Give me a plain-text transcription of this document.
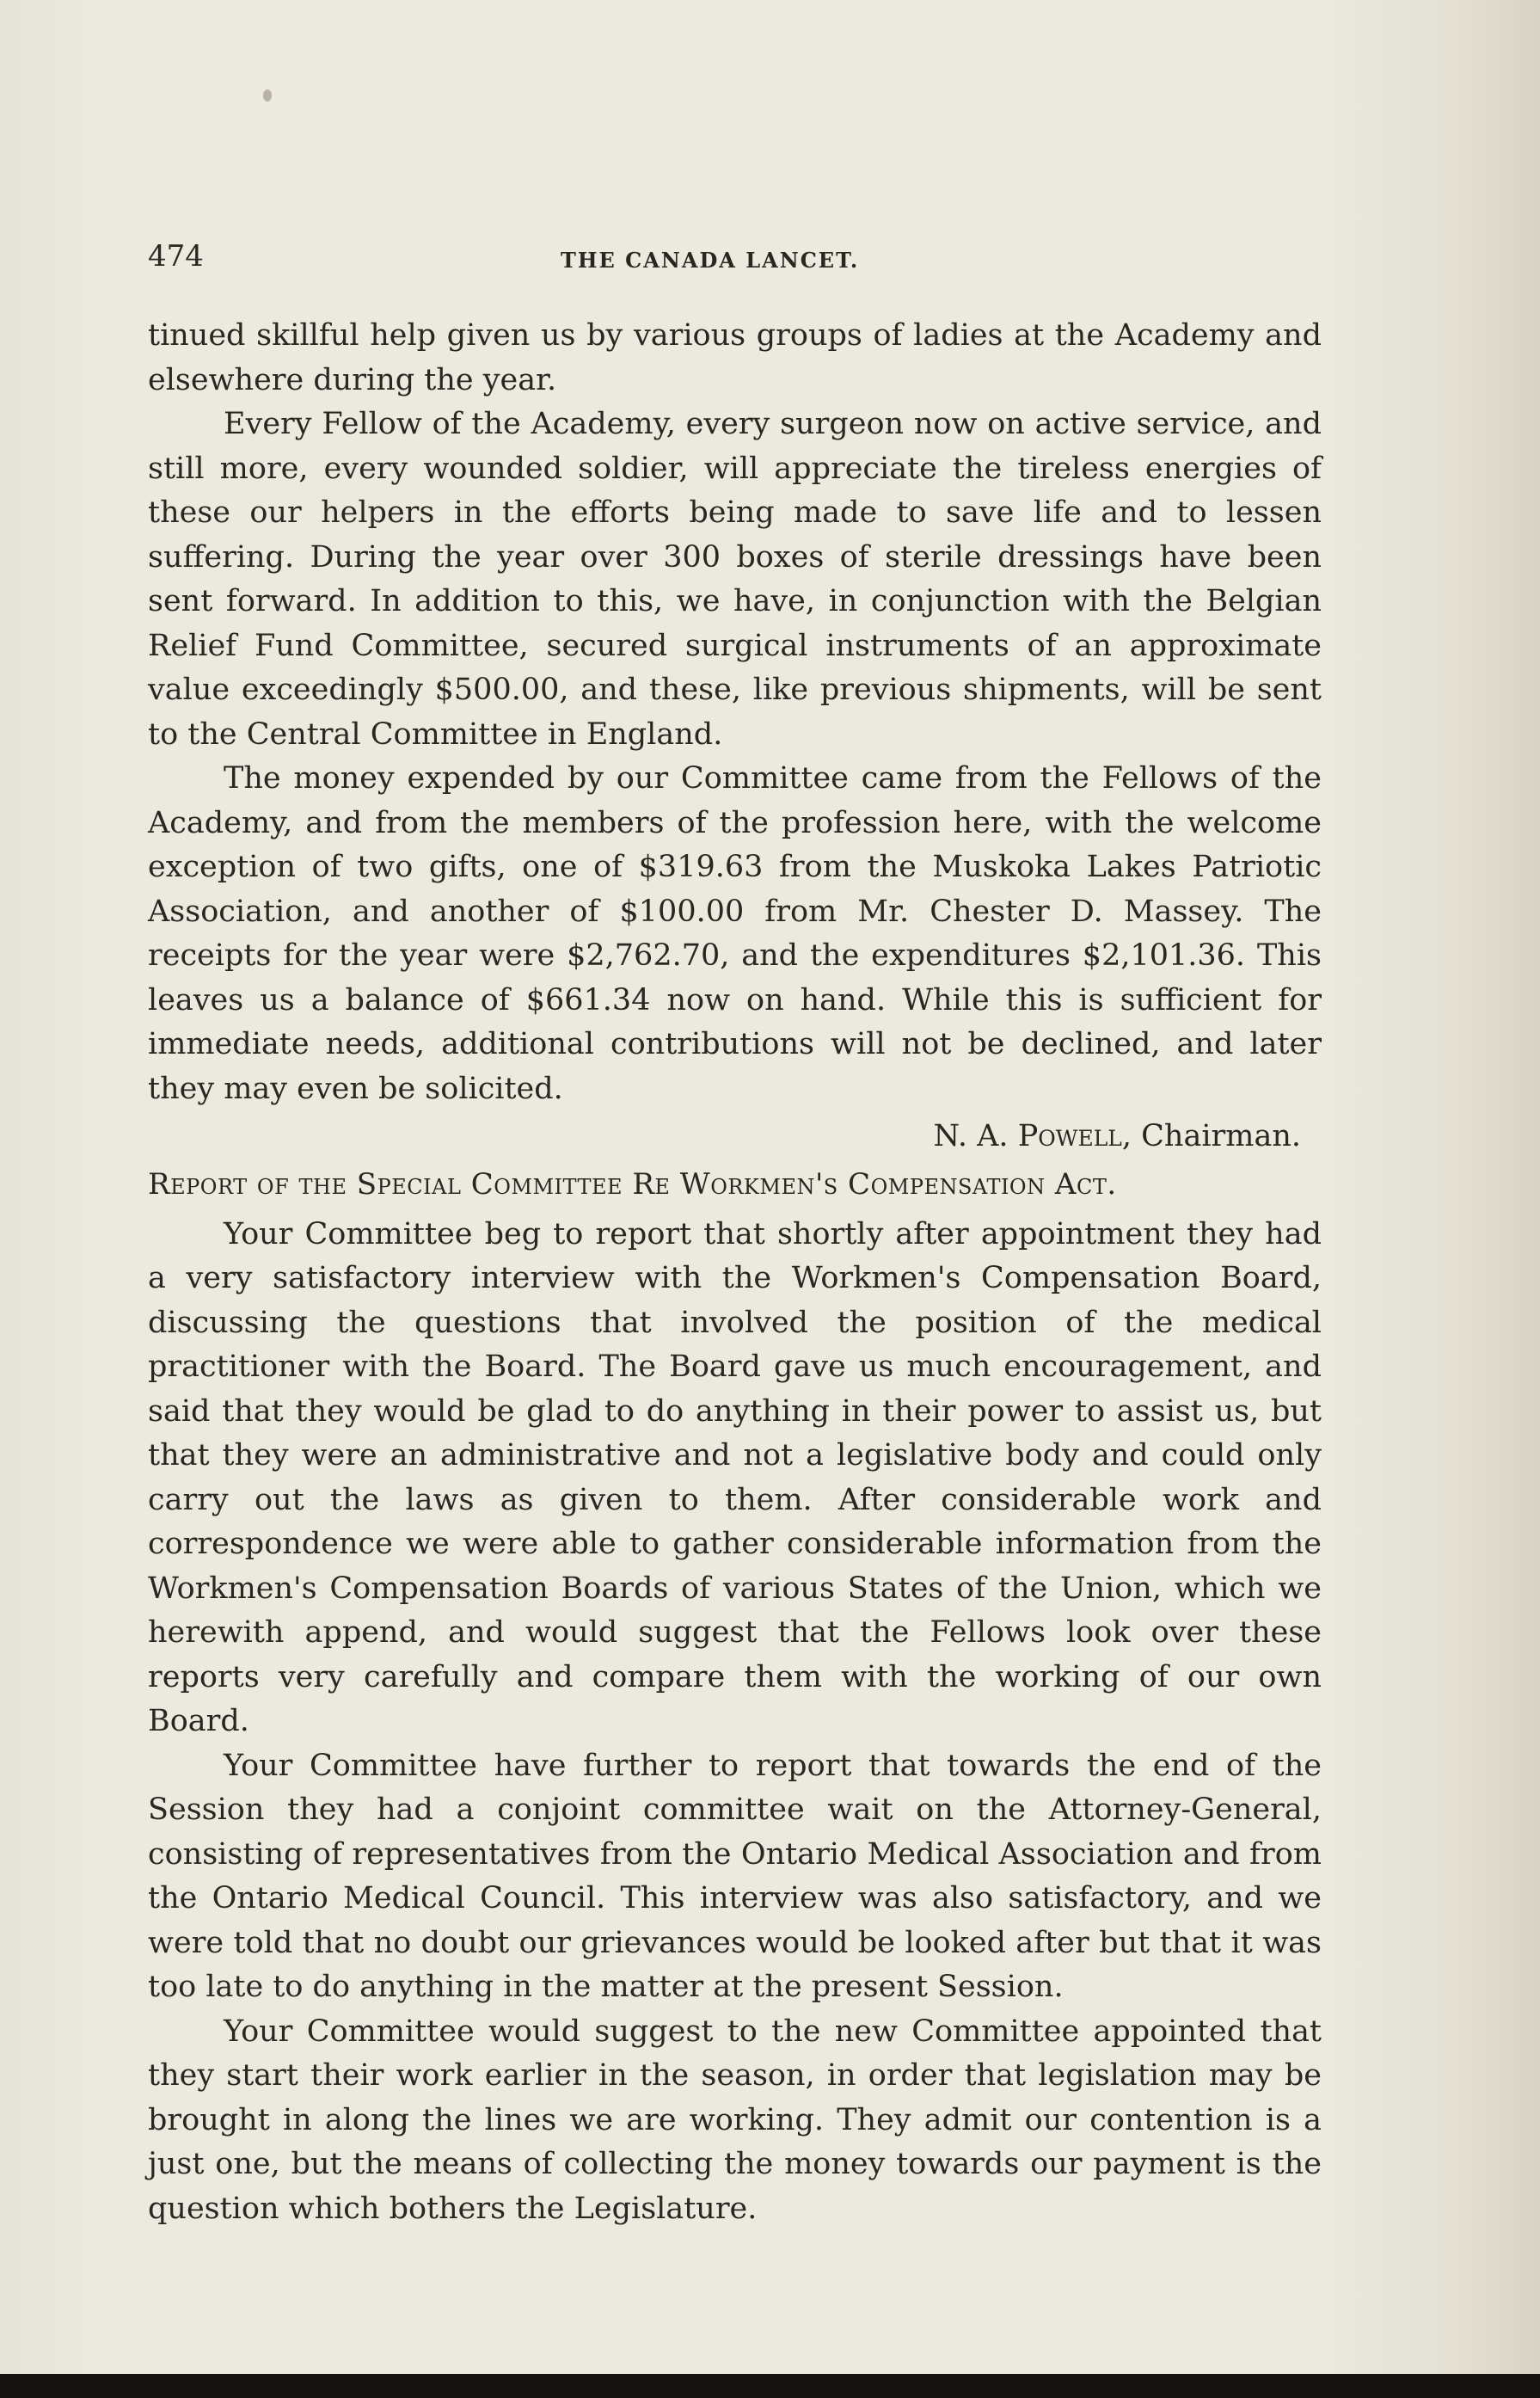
474	THE CANADA LANCET.

tinued skillful help given us by various groups of ladies at the Academy and elsewhere during the year.

Every Fellow of the Academy, every surgeon now on active service, and still more, every wounded soldier, will appreciate the tireless energies of these our helpers in the efforts being made to save life and to lessen suffering. During the year over 300 boxes of sterile dressings have been sent forward. In addition to this, we have, in conjunction with the Belgian Relief Fund Committee, secured surgical instruments of an approximate value exceedingly $500.00, and these, like previous shipments, will be sent to the Central Committee in England.

The money expended by our Committee came from the Fellows of the Academy, and from the members of the profession here, with the welcome exception of two gifts, one of $319.63 from the Muskoka Lakes Patriotic Association, and another of $100.00 from Mr. Chester D. Massey. The receipts for the year were $2,762.70, and the expenditures $2,101.36. This leaves us a balance of $661.34 now on hand. While this is sufficient for immediate needs, additional contributions will not be declined, and later they may even be solicited.

N. A. Powell, Chairman.
Report of the Special Committee Re Workmen's Compensation Act.

Your Committee beg to report that shortly after appointment they had a very satisfactory interview with the Workmen's Compensation Board, discussing the questions that involved the position of the medical practitioner with the Board. The Board gave us much encouragement, and said that they would be glad to do anything in their power to assist us, but that they were an administrative and not a legislative body and could only carry out the laws as given to them. After considerable work and correspondence we were able to gather considerable information from the Workmen's Compensation Boards of various States of the Union, which we herewith append, and would suggest that the Fellows look over these reports very carefully and compare them with the working of our own Board.

Your Committee have further to report that towards the end of the Session they had a conjoint committee wait on the Attorney-General, consisting of representatives from the Ontario Medical Association and from the Ontario Medical Council. This interview was also satisfactory, and we were told that no doubt our grievances would be looked after but that it was too late to do anything in the matter at the present Session.

Your Committee would suggest to the new Committee appointed that they start their work earlier in the season, in order that legislation may be brought in along the lines we are working. They admit our contention is a just one, but the means of collecting the money towards our payment is the question which bothers the Legislature.
